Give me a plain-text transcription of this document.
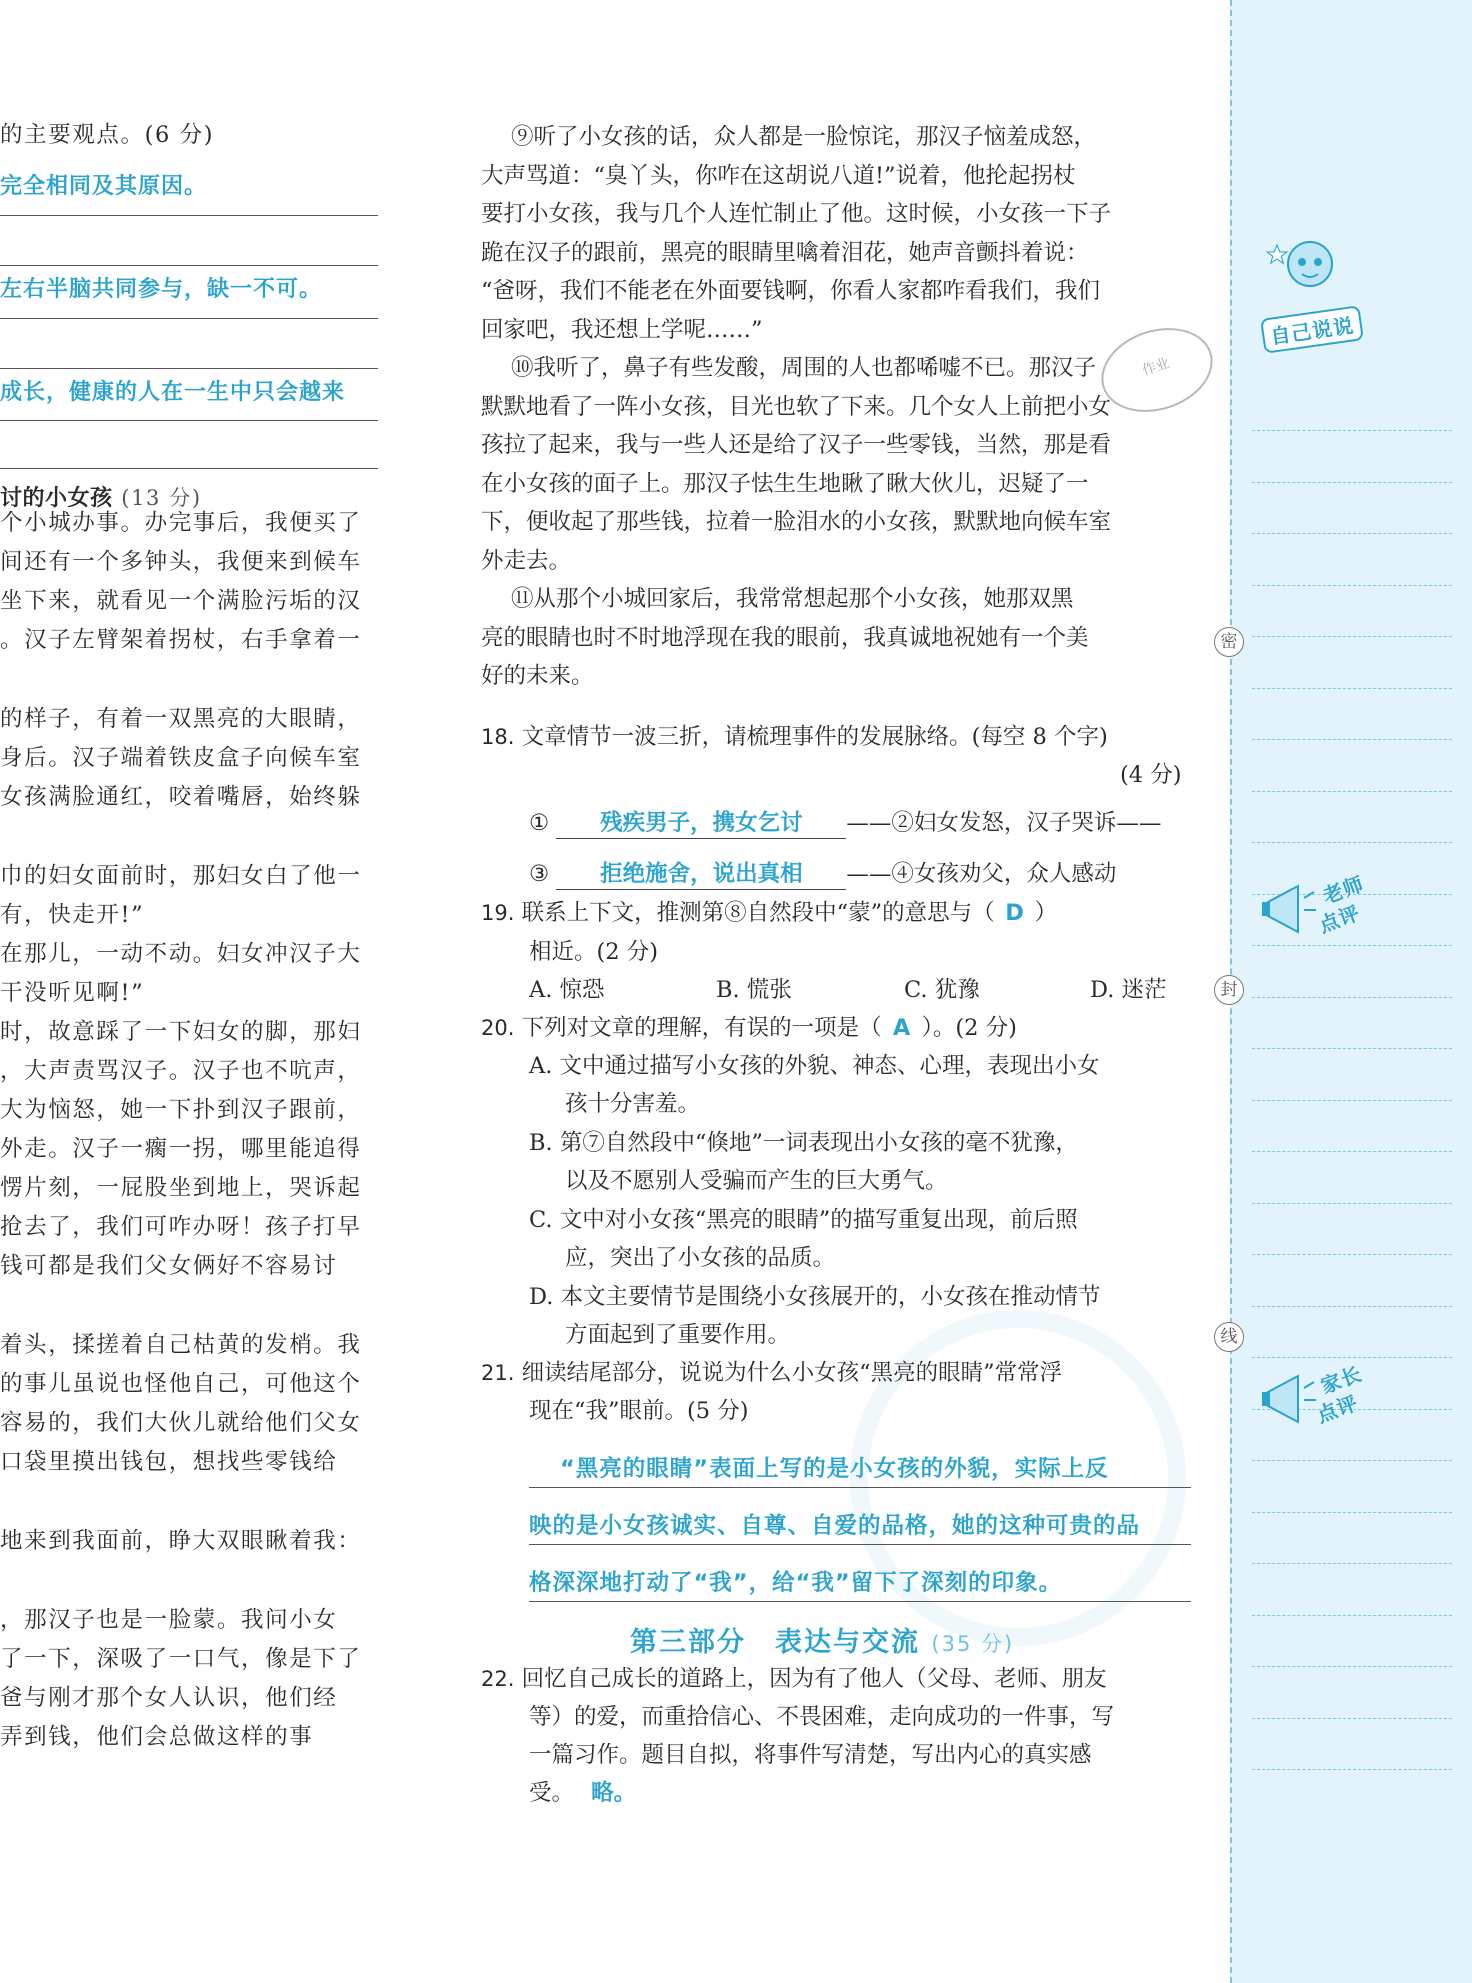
的主要观点。(6 分)
完全相同及其原因。
左右半脑共同参与，缺一不可。
成长，健康的人在一生中只会越来
个小城办事。办完事后，我便买了
间还有一个多钟头，我便来到候车
坐下来，就看见一个满脸污垢的汉
。汉子左臂架着拐杖，右手拿着一
的样子，有着一双黑亮的大眼睛，
身后。汉子端着铁皮盒子向候车室
女孩满脸通红，咬着嘴唇，始终躲
巾的妇女面前时，那妇女白了他一
有，快走开!”
在那儿，一动不动。妇女冲汉子大
干没听见啊!”
时，故意踩了一下妇女的脚，那妇
，大声责骂汉子。汉子也不吭声，
大为恼怒，她一下扑到汉子跟前，
外走。汉子一瘸一拐，哪里能追得
愣片刻，一屁股坐到地上，哭诉起
抢去了，我们可咋办呀！孩子打早
钱可都是我们父女俩好不容易讨
着头，揉搓着自己枯黄的发梢。我
的事儿虽说也怪他自己，可他这个
容易的，我们大伙儿就给他们父女
口袋里摸出钱包，想找些零钱给
地来到我面前，睁大双眼瞅着我：
，那汉子也是一脸蒙。我问小女
了一下，深吸了一口气，像是下了
爸与刚才那个女人认识，他们经
弄到钱，他们会总做这样的事
讨的小女孩 (13 分)
⑨听了小女孩的话，众人都是一脸惊诧，那汉子恼羞成怒，
大声骂道：“臭丫头，你咋在这胡说八道!”说着，他抡起拐杖
要打小女孩，我与几个人连忙制止了他。这时候，小女孩一下子
跪在汉子的跟前，黑亮的眼睛里噙着泪花，她声音颤抖着说：
“爸呀，我们不能老在外面要钱啊，你看人家都咋看我们，我们
回家吧，我还想上学呢……”
⑩我听了，鼻子有些发酸，周围的人也都唏嘘不已。那汉子
默默地看了一阵小女孩，目光也软了下来。几个女人上前把小女
孩拉了起来，我与一些人还是给了汉子一些零钱，当然，那是看
在小女孩的面子上。那汉子怯生生地瞅了瞅大伙儿，迟疑了一
下，便收起了那些钱，拉着一脸泪水的小女孩，默默地向候车室
外走去。
⑪从那个小城回家后，我常常想起那个小女孩，她那双黑
亮的眼睛也时不时地浮现在我的眼前，我真诚地祝她有一个美
好的未来。
18. 文章情节一波三折，请梳理事件的发展脉络。(每空 8 个字)
(4 分)
① 残疾男子，携女乞讨 ——②妇女发怒，汉子哭诉——
③ 拒绝施舍，说出真相 ——④女孩劝父，众人感动
19. 联系上下文，推测第⑧自然段中“蒙”的意思与（ D ）
相近。(2 分)
A. 惊恐	B. 慌张	C. 犹豫	D. 迷茫
20. 下列对文章的理解，有误的一项是（ A ）。(2 分)
A. 文中通过描写小女孩的外貌、神态、心理，表现出小女
孩十分害羞。
B. 第⑦自然段中“倏地”一词表现出小女孩的毫不犹豫，
以及不愿别人受骗而产生的巨大勇气。
C. 文中对小女孩“黑亮的眼睛”的描写重复出现，前后照
应，突出了小女孩的品质。
D. 本文主要情节是围绕小女孩展开的，小女孩在推动情节
方面起到了重要作用。
21. 细读结尾部分，说说为什么小女孩“黑亮的眼睛”常常浮
现在“我”眼前。(5 分)
“黑亮的眼睛”表面上写的是小女孩的外貌，实际上反
映的是小女孩诚实、自尊、自爱的品格，她的这种可贵的品
格深深地打动了“我”，给“我”留下了深刻的印象。
22. 回忆自己成长的道路上，因为有了他人（父母、老师、朋友
等）的爱，而重拾信心、不畏困难，走向成功的一件事，写
一篇习作。题目自拟，将事件写清楚，写出内心的真实感
受。 略。
第三部分　表达与交流 (35 分)
密
封
线
自己说说
老师
点评
家长
点评
作业
